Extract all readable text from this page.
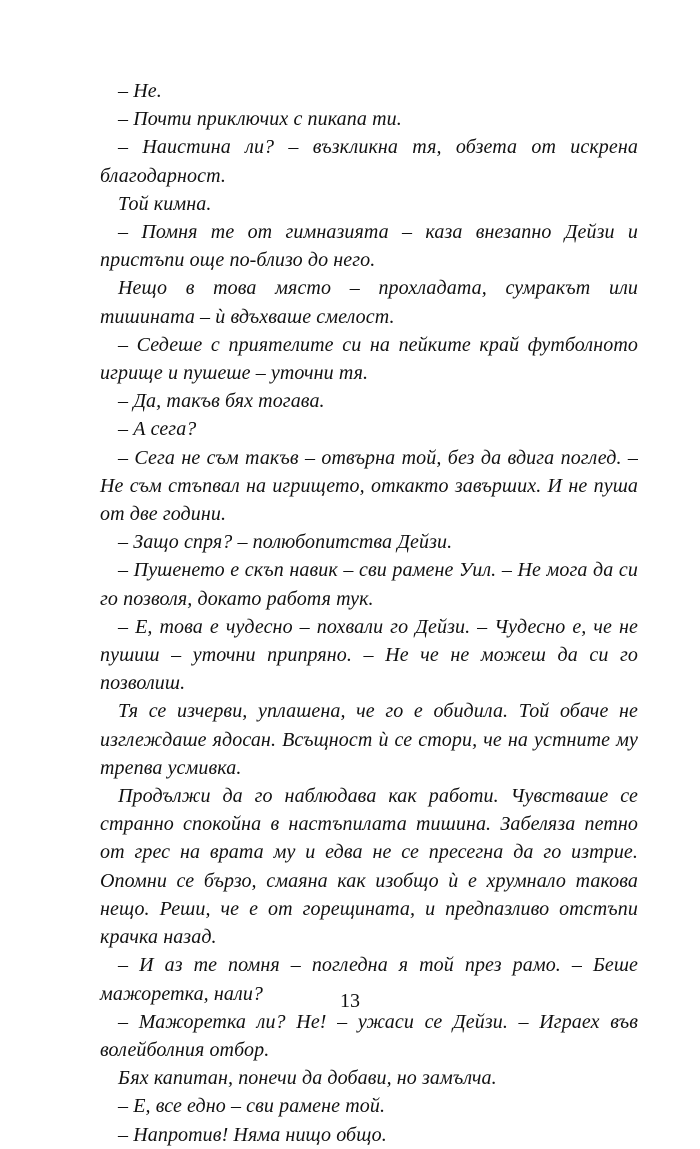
– Не.

– Почти приключих с пикапа ти.

– Наистина ли? – възкликна тя, обзета от искрена благодарност.

Той кимна.

– Помня те от гимназията – каза внезапно Дейзи и пристъпи още по-близо до него.

Нещо в това място – прохладата, сумракът или тишината – ѝ вдъхваше смелост.

– Седеше с приятелите си на пейките край футболното игрище и пушеше – уточни тя.

– Да, такъв бях тогава.

– А сега?

– Сега не съм такъв – отвърна той, без да вдига поглед. – Не съм стъпвал на игрището, откакто завърших. И не пуша от две години.

– Защо спря? – полюбопитства Дейзи.

– Пушенето е скъп навик – сви рамене Уил. – Не мога да си го позволя, докато работя тук.

– Е, това е чудесно – похвали го Дейзи. – Чудесно е, че не пушиш – уточни припряно. – Не че не можеш да си го позволиш.

Тя се изчерви, уплашена, че го е обидила. Той обаче не изглеждаше ядосан. Всъщност ѝ се стори, че на устните му трепва усмивка.

Продължи да го наблюдава как работи. Чувстваше се странно спокойна в настъпилата тишина. Забеляза петно от грес на врата му и едва не се пресегна да го изтрие. Опомни се бързо, смаяна как изобщо ѝ е хрумнало такова нещо. Реши, че е от горещината, и предпазливо отстъпи крачка назад.

– И аз те помня – погледна я той през рамо. – Беше мажоретка, нали?

– Мажоретка ли? Не! – ужаси се Дейзи. – Играех във волейболния отбор.

Бях капитан, понечи да добави, но замълча.

– Е, все едно – сви рамене той.

– Напротив! Няма нищо общо.

13
